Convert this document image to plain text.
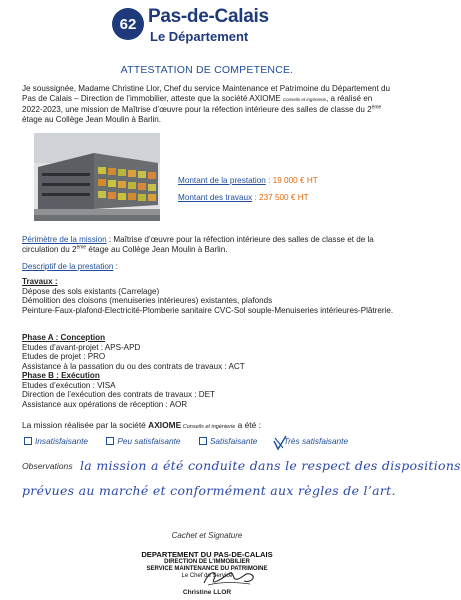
62 Pas-de-Calais
Le Département
ATTESTATION DE COMPETENCE.
Je soussignée, Madame Christine Llor, Chef du service Maintenance et Patrimoine du Département du Pas de Calais – Direction de l’immobilier, atteste que la société AXIOME Conseils et ingénierie, a réalisé en 2022-2023, une mission de Maîtrise d’œuvre pour la réfection intérieure des salles de classe du 2ème étage au Collège Jean Moulin à Barlin.
Montant de la prestation : 19 000 € HT
Montant des travaux : 237 500 € HT
Périmètre de la mission : Maîtrise d’œuvre pour la réfection intérieure des salles de classe et de la circulation du 2ème étage au Collège Jean Moulin à Barlin.
Descriptif de la prestation :
Travaux :
Dépose des sols existants (Carrelage)
Démolition des cloisons (menuiseries intérieures) existantes, plafonds
Peinture-Faux-plafond-Electricité-Plomberie sanitaire CVC-Sol souple-Menuiseries intérieures-Plâtrerie.
Phase A : Conception
Etudes d’avant-projet : APS-APD
Etudes de projet : PRO
Assistance à la passation du ou des contrats de travaux : ACT
Phase B : Exécution
Etudes d’exécution : VISA
Direction de l’exécution des contrats de travaux : DET
Assistance aux opérations de réception : AOR
La mission réalisée par la société AXIOME Conseils et ingénierie a été :
Insatisfaisante	Peu satisfaisante	Satisfaisante	Très satisfaisante
Observations la mission a été conduite dans le respect des dispositions
prévues au marché et conformément aux règles de l’art.
Cachet et Signature
DEPARTEMENT DU PAS-DE-CALAIS
DIRECTION DE L’IMMOBILIER
SERVICE MAINTENANCE DU PATRIMOINE
Le Chef de Service
Christine LLOR
